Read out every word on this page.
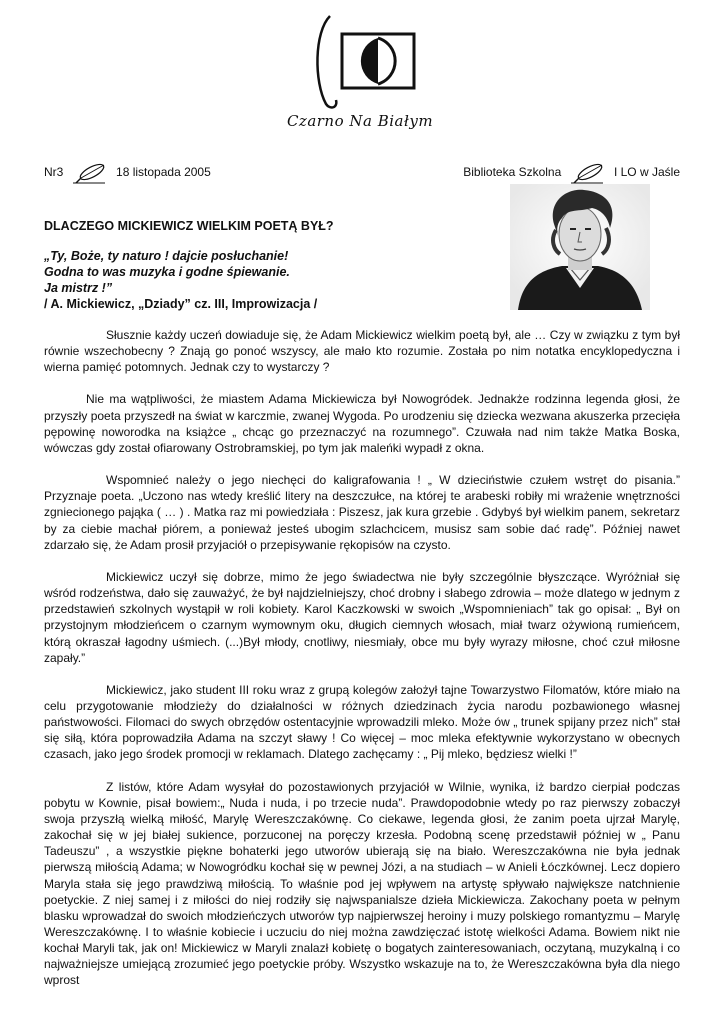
Czarno Na Białym
Nr3	18 listopada 2005	Biblioteka Szkolna	I LO w Jaśle
DLACZEGO MICKIEWICZ WIELKIM POETĄ BYŁ?
„Ty, Boże, ty naturo ! dajcie posłuchanie!
Godna to was muzyka i godne śpiewanie.
Ja mistrz !”
/ A. Mickiewicz, „Dziady” cz. III, Improwizacja /

Słusznie każdy uczeń dowiaduje się, że Adam Mickiewicz wielkim poetą był, ale … Czy w związku z tym był równie wszechobecny ? Znają go ponoć wszyscy, ale mało kto rozumie. Została po nim notatka encyklopedyczna i wierna pamięć potomnych. Jednak czy to wystarczy ?

Nie ma wątpliwości, że miastem Adama Mickiewicza był Nowogródek. Jednakże rodzinna legenda głosi, że przyszły poeta przyszedł na świat w karczmie, zwanej Wygoda. Po urodzeniu się dziecka wezwana akuszerka przecięła pępowinę noworodka na książce „ chcąc go przeznaczyć na rozumnego”. Czuwała nad nim także Matka Boska, wówczas gdy został ofiarowany Ostrobramskiej, po tym jak maleńki wypadł z okna.

Wspomnieć należy o jego niechęci do kaligrafowania ! „ W dzieciństwie czułem wstręt do pisania.” Przyznaje poeta. „Uczono nas wtedy kreślić litery na deszczułce, na której te arabeski robiły mi wrażenie wnętrzności zgniecionego pająka ( … ) . Matka raz mi powiedziała : Piszesz, jak kura grzebie . Gdybyś był wielkim panem, sekretarz by za ciebie machał piórem, a ponieważ jesteś ubogim szlachcicem, musisz sam sobie dać radę”. Później nawet zdarzało się, że Adam prosił przyjaciół o przepisywanie rękopisów na czysto.

Mickiewicz uczył się dobrze, mimo że jego świadectwa nie były szczególnie błyszczące. Wyróżniał się wśród rodzeństwa, dało się zauważyć, że był najdzielniejszy, choć drobny i słabego zdrowia – może dlatego w jednym z przedstawień szkolnych wystąpił w roli kobiety. Karol Kaczkowski w swoich „Wspomnieniach” tak go opisał: „ Był on przystojnym młodzieńcem o czarnym wymownym oku, długich ciemnych włosach, miał twarz ożywioną rumieńcem, którą okraszał łagodny uśmiech. (...)Był młody, cnotliwy, niesmiały, obce mu były wyrazy miłosne, choć czuł miłosne zapały.”

Mickiewicz, jako student III roku wraz z grupą kolegów założył tajne Towarzystwo Filomatów, które miało na celu przygotowanie młodzieży do działalności w różnych dziedzinach życia narodu pozbawionego własnej państwowości. Filomaci do swych obrzędów ostentacyjnie wprowadzili mleko. Może ów „ trunek spijany przez nich” stał się siłą, która poprowadziła Adama na szczyt sławy ! Co więcej – moc mleka efektywnie wykorzystano w obecnych czasach, jako jego środek promocji w reklamach. Dlatego zachęcamy : „ Pij mleko, będziesz wielki !”

Z listów, które Adam wysyłał do pozostawionych przyjaciół w Wilnie, wynika, iż bardzo cierpiał podczas pobytu w Kownie, pisał bowiem:„ Nuda i nuda, i po trzecie nuda”. Prawdopodobnie wtedy po raz pierwszy zobaczył swoja przyszłą wielką miłość, Marylę Wereszczakównę. Co ciekawe, legenda głosi, że zanim poeta ujrzał Marylę, zakochał się w jej białej sukience, porzuconej na poręczy krzesła. Podobną scenę przedstawił później w „ Panu Tadeuszu” , a wszystkie piękne bohaterki jego utworów ubierają się na biało. Wereszczakówna nie była jednak pierwszą miłością Adama; w Nowogródku kochał się w pewnej Józi, a na studiach – w Anieli Łóczkównej. Lecz dopiero Maryla stała się jego prawdziwą miłością. To właśnie pod jej wpływem na artystę spływało największe natchnienie poetyckie. Z niej samej i z miłości do niej rodziły się najwspanialsze dzieła Mickiewicza. Zakochany poeta w pełnym blasku wprowadzał do swoich młodzieńczych utworów typ najpierwszej heroiny i muzy polskiego romantyzmu – Marylę Wereszczakównę. I to właśnie kobiecie i uczuciu do niej można zawdzięczać istotę wielkości Adama. Bowiem nikt nie kochał Maryli tak, jak on! Mickiewicz w Maryli znalazł kobietę o bogatych zainteresowaniach, oczytaną, muzykalną i co najważniejsze umiejącą zrozumieć jego poetyckie próby. Wszystko wskazuje na to, że Wereszczakówna była dla niego wprost
